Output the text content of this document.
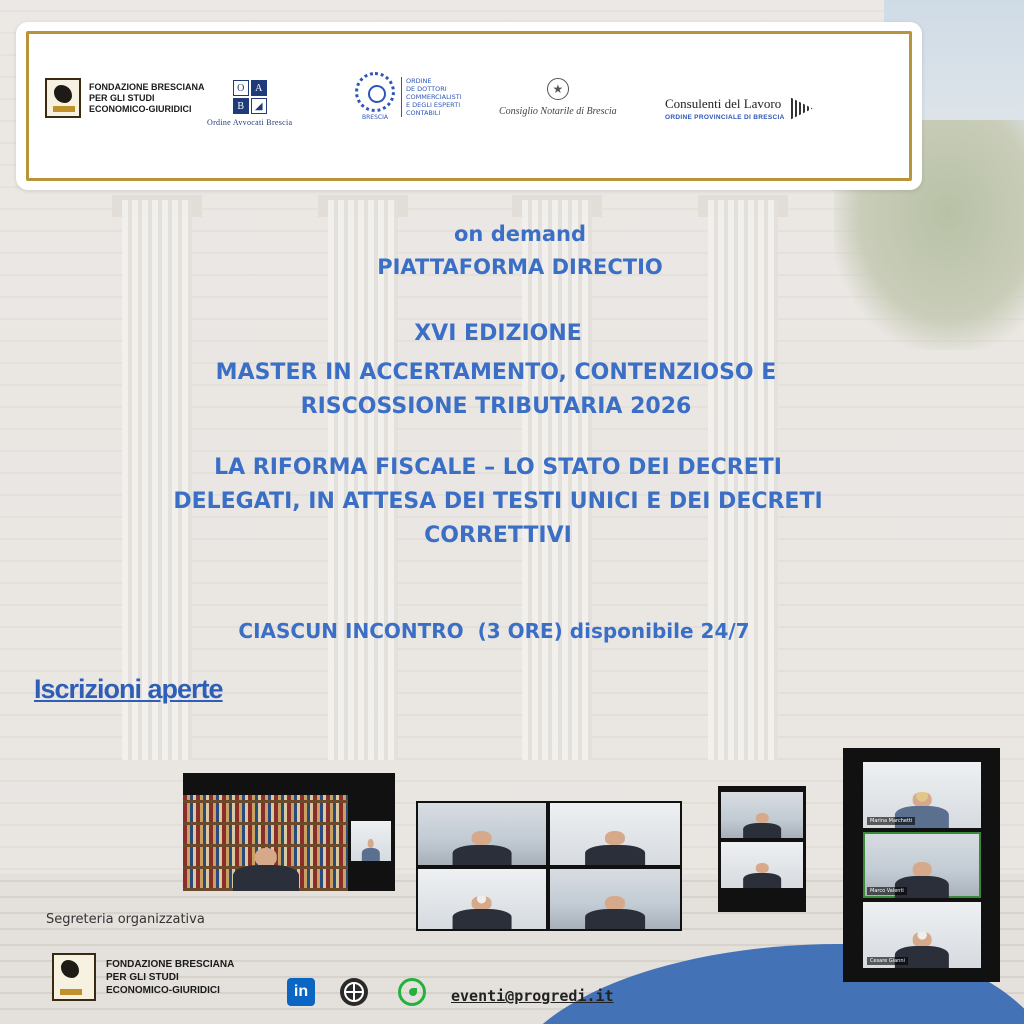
FONDAZIONE BRESCIANA
PER GLI STUDI
ECONOMICO-GIURIDICI
O	A
B	◢
Ordine Avvocati Brescia
BRESCIA
ORDINE
DE DOTTORI
COMMERCIALISTI
E DEGLI ESPERTI
CONTABILI
★	Consiglio Notarile di Brescia
Consulenti del Lavoro
ORDINE PROVINCIALE DI BRESCIA
on demand
PIATTAFORMA DIRECTIO
XVI EDIZIONE
MASTER IN ACCERTAMENTO, CONTENZIOSO E
RISCOSSIONE TRIBUTARIA 2026
LA RIFORMA FISCALE – LO STATO DEI DECRETI
DELEGATI, IN ATTESA DEI TESTI UNICI E DEI DECRETI
CORRETTIVI
CIASCUN INCONTRO  (3 ORE) disponibile 24/7
Iscrizioni aperte
Marina Marchetti
Marco Valenti
Cesare Gianni
Segreteria organizzativa
FONDAZIONE BRESCIANA
PER GLI STUDI
ECONOMICO-GIURIDICI	in	eventi@progredi.it
